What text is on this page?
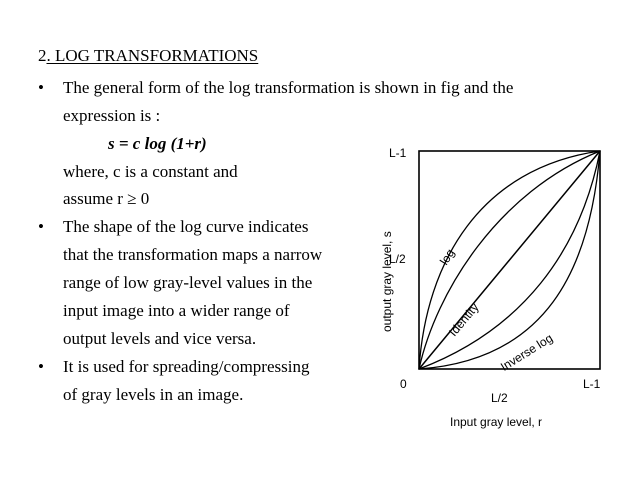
2. LOG TRANSFORMATIONS
• The general form of the log transformation is shown in fig and the
expression is :
s = c log (1+r)
where, c is a constant and
assume r ≥ 0
• The shape of the log curve indicates
that the transformation maps a narrow
range of low gray-level values in the
input image into a wider range of
output levels and vice versa.
• It is used for spreading/compressing
of gray levels in an image.
L-1
L/2
0
L/2
L-1
Input gray level, r
output gray level, s	log
Identity
Inverse log
